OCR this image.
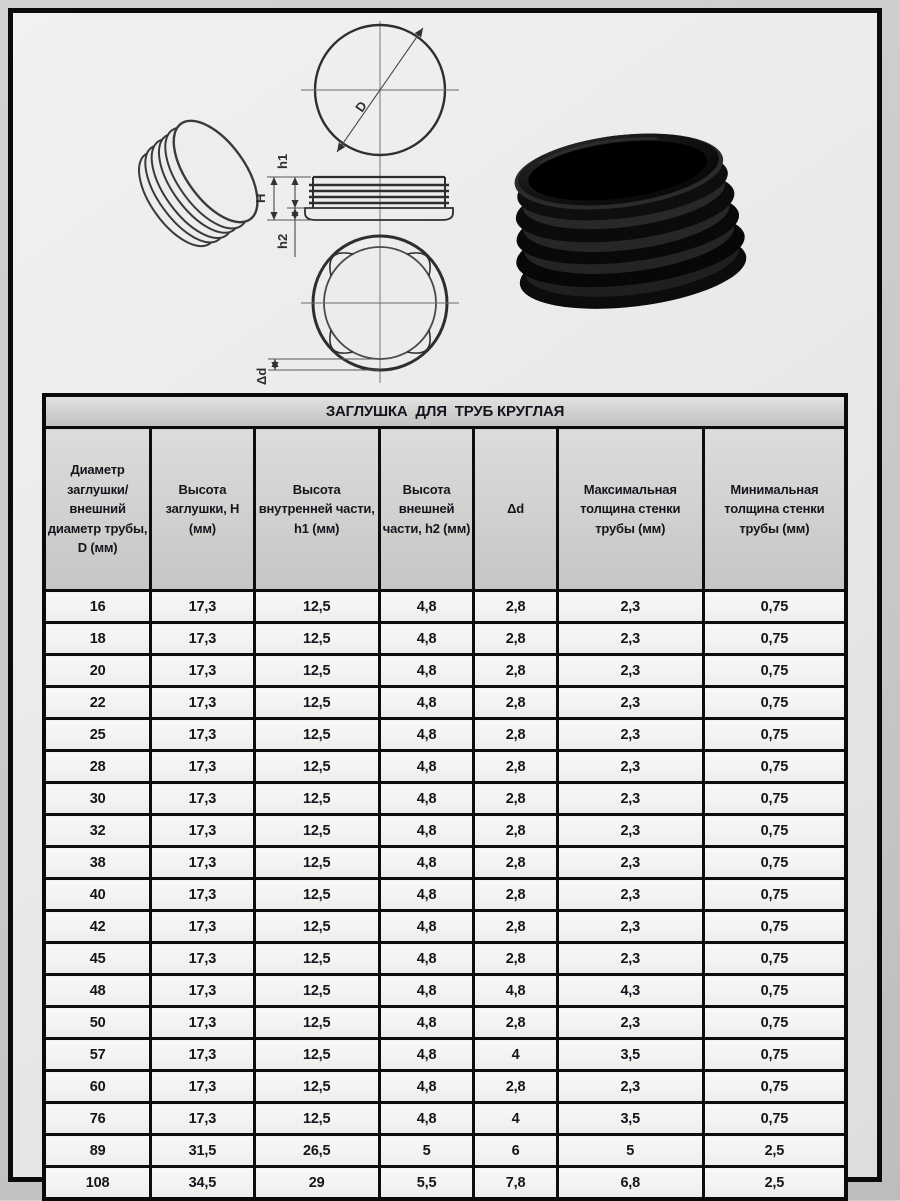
D
H
h1
h2
Δd
ЗАГЛУШКА  ДЛЯ  ТРУБ КРУГЛАЯ						
Диаметр заглушки/ внешний диаметр трубы, D (мм)	Высота заглушки, H (мм)	Высота внутренней части, h1 (мм)	Высота внешней части, h2 (мм)	Δd	Максимальная толщина стенки трубы (мм)	Минимальная толщина стенки трубы (мм)
16	17,3	12,5	4,8	2,8	2,3	0,75
18	17,3	12,5	4,8	2,8	2,3	0,75
20	17,3	12,5	4,8	2,8	2,3	0,75
22	17,3	12,5	4,8	2,8	2,3	0,75
25	17,3	12,5	4,8	2,8	2,3	0,75
28	17,3	12,5	4,8	2,8	2,3	0,75
30	17,3	12,5	4,8	2,8	2,3	0,75
32	17,3	12,5	4,8	2,8	2,3	0,75
38	17,3	12,5	4,8	2,8	2,3	0,75
40	17,3	12,5	4,8	2,8	2,3	0,75
42	17,3	12,5	4,8	2,8	2,3	0,75
45	17,3	12,5	4,8	2,8	2,3	0,75
48	17,3	12,5	4,8	4,8	4,3	0,75
50	17,3	12,5	4,8	2,8	2,3	0,75
57	17,3	12,5	4,8	4	3,5	0,75
60	17,3	12,5	4,8	2,8	2,3	0,75
76	17,3	12,5	4,8	4	3,5	0,75
89	31,5	26,5	5	6	5	2,5
108	34,5	29	5,5	7,8	6,8	2,5
